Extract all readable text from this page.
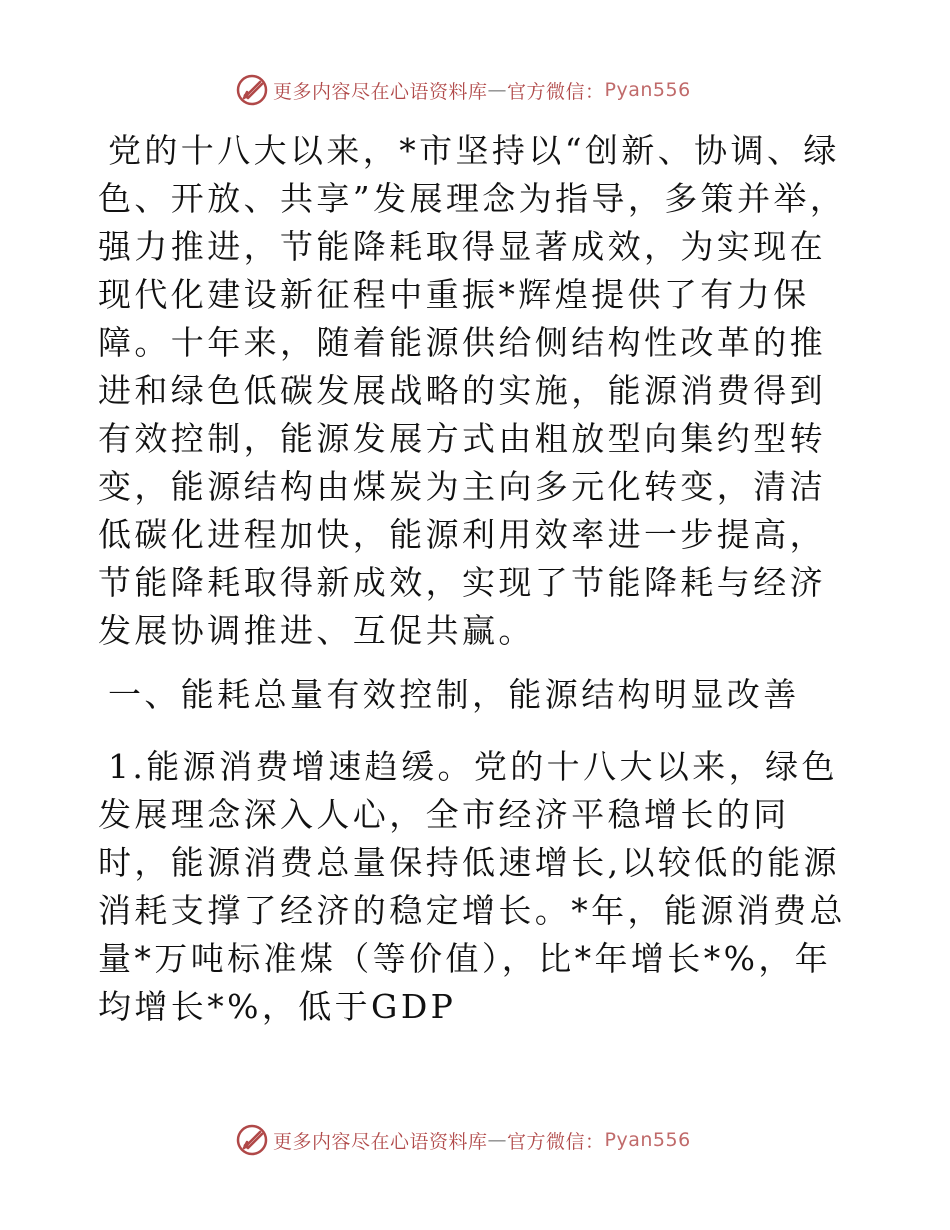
更多内容尽在心语资料库 — 官方微信： Pyan556

党的十八大以来，*市坚持以“创新、协调、绿色、开放、共享”发展理念为指导，多策并举，强力推进，节能降耗取得显著成效，为实现在现代化建设新征程中重振*辉煌提供了有力保障。十年来，随着能源供给侧结构性改革的推进和绿色低碳发展战略的实施，能源消费得到有效控制，能源发展方式由粗放型向集约型转变，能源结构由煤炭为主向多元化转变，清洁低碳化进程加快，能源利用效率进一步提高，节能降耗取得新成效，实现了节能降耗与经济发展协调推进、互促共赢。

一、能耗总量有效控制，能源结构明显改善

1.能源消费增速趋缓。党的十八大以来，绿色发展理念深入人心，全市经济平稳增长的同时，能源消费总量保持低速增长,以较低的能源消耗支撑了经济的稳定增长。*年，能源消费总量*万吨标准煤（等价值），比*年增长*%，年均增长*%，低于GDP

更多内容尽在心语资料库 — 官方微信： Pyan556
